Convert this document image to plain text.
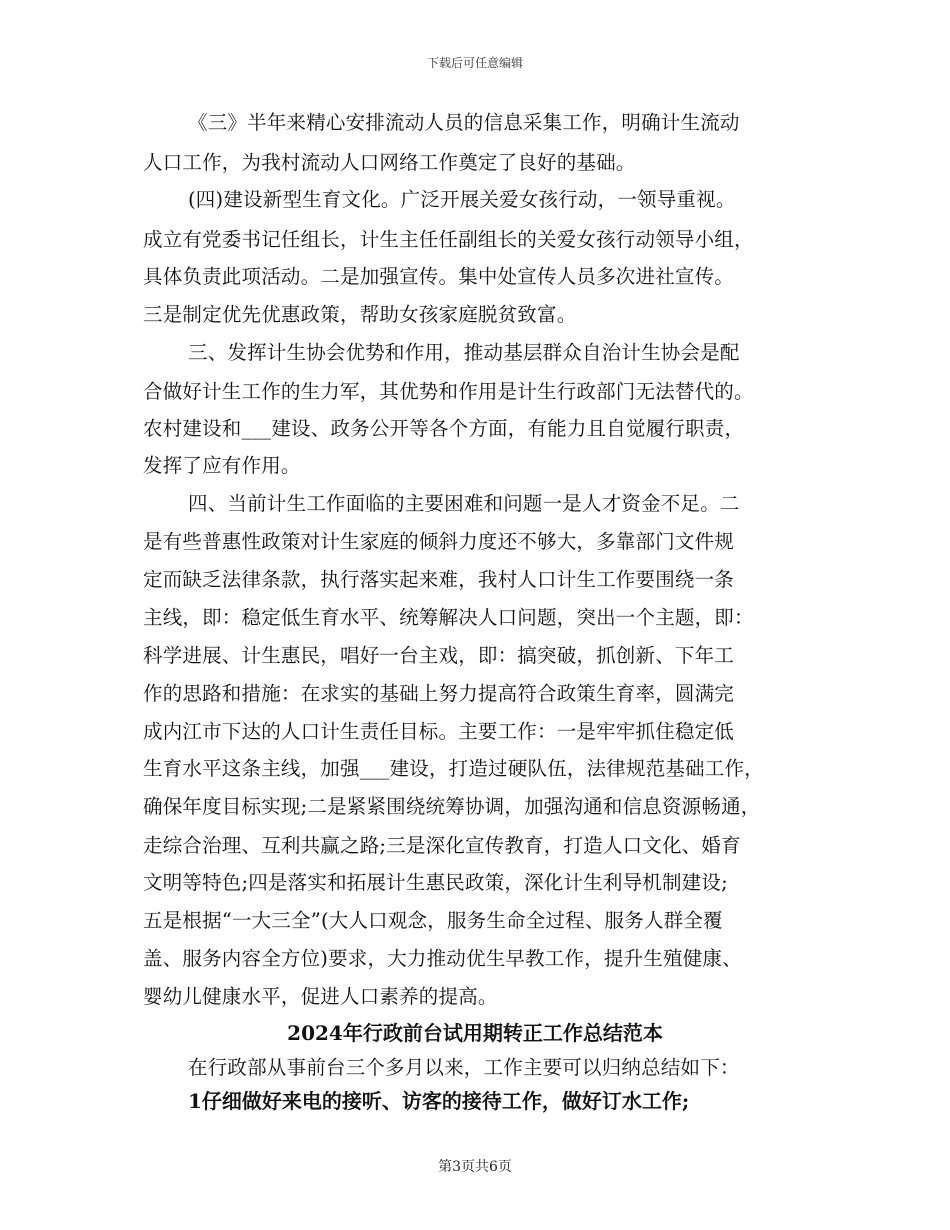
下载后可任意编辑
《三》半年来精心安排流动人员的信息采集工作，明确计生流动
人口工作，为我村流动人口网络工作奠定了良好的基础。
(四)建设新型生育文化。广泛开展关爱女孩行动，一领导重视。
成立有党委书记任组长，计生主任任副组长的关爱女孩行动领导小组，
具体负责此项活动。二是加强宣传。集中处宣传人员多次进社宣传。
三是制定优先优惠政策，帮助女孩家庭脱贫致富。
三、发挥计生协会优势和作用，推动基层群众自治计生协会是配
合做好计生工作的生力军，其优势和作用是计生行政部门无法替代的。
农村建设和___建设、政务公开等各个方面，有能力且自觉履行职责，
发挥了应有作用。
四、当前计生工作面临的主要困难和问题一是人才资金不足。二
是有些普惠性政策对计生家庭的倾斜力度还不够大，多靠部门文件规
定而缺乏法律条款，执行落实起来难，我村人口计生工作要围绕一条
主线，即：稳定低生育水平、统筹解决人口问题，突出一个主题，即：
科学进展、计生惠民，唱好一台主戏，即：搞突破，抓创新、下年工
作的思路和措施：在求实的基础上努力提高符合政策生育率，圆满完
成内江市下达的人口计生责任目标。主要工作：一是牢牢抓住稳定低
生育水平这条主线，加强___建设，打造过硬队伍，法律规范基础工作，
确保年度目标实现;二是紧紧围绕统筹协调，加强沟通和信息资源畅通，
走综合治理、互利共赢之路;三是深化宣传教育，打造人口文化、婚育
文明等特色;四是落实和拓展计生惠民政策，深化计生利导机制建设;
五是根据“一大三全”(大人口观念，服务生命全过程、服务人群全覆
盖、服务内容全方位)要求，大力推动优生早教工作，提升生殖健康、
婴幼儿健康水平，促进人口素养的提高。
2024年行政前台试用期转正工作总结范本
在行政部从事前台三个多月以来，工作主要可以归纳总结如下：
1仔细做好来电的接听、访客的接待工作，做好订水工作;
第3页共6页
